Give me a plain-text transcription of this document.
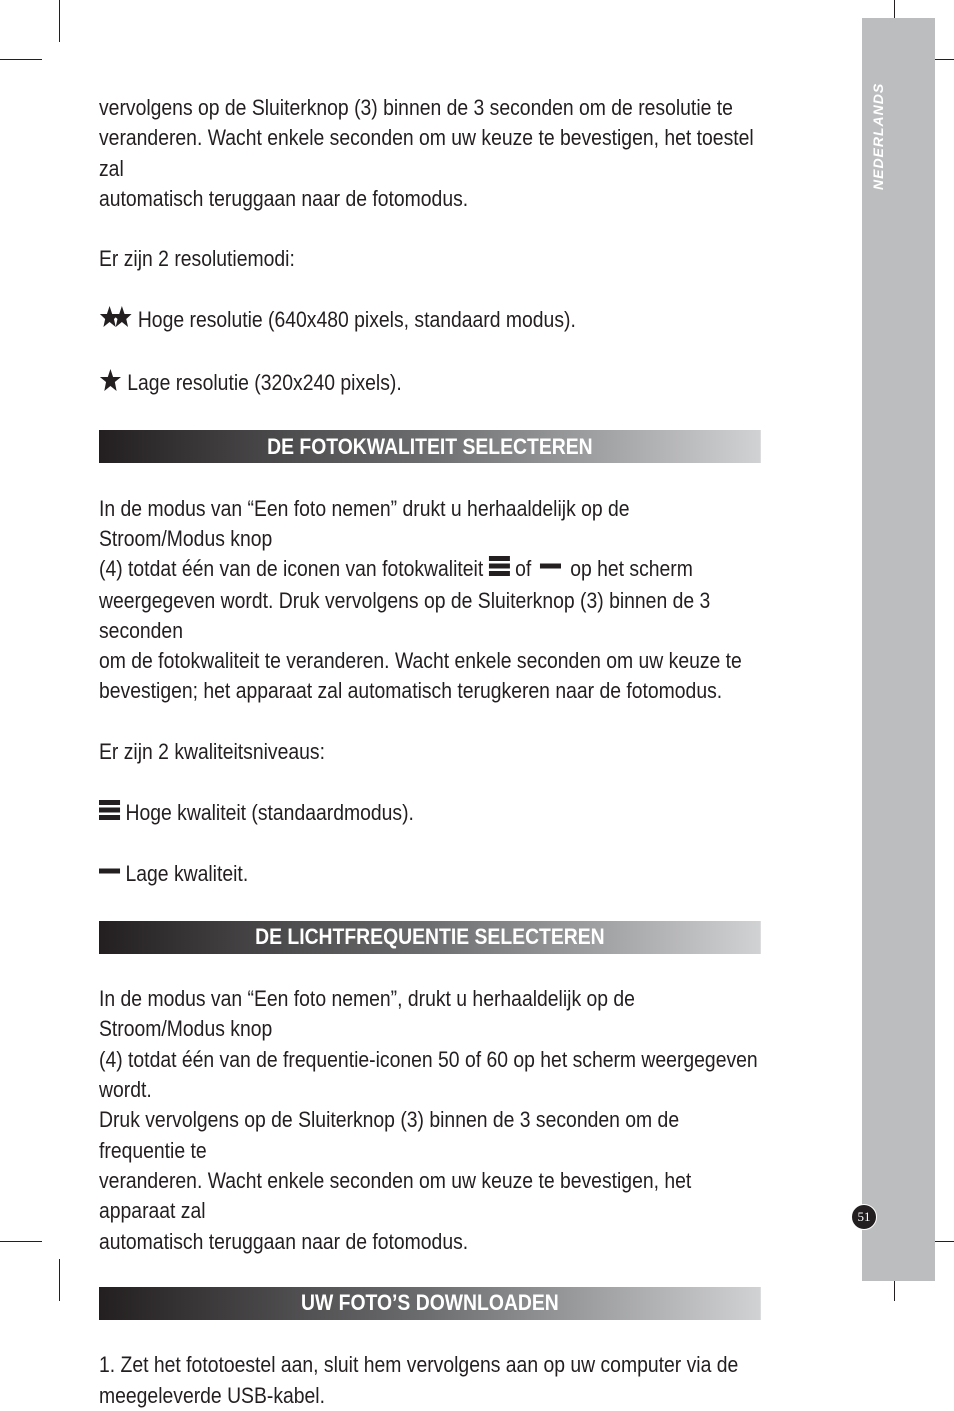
NEDERLANDS

vervolgens op de Sluiterknop (3) binnen de 3 seconden om de resolutie te

veranderen. Wacht enkele seconden om uw keuze te bevestigen, het toestel zal

automatisch teruggaan naar de fotomodus.

Er zijn 2 resolutiemodi:

Hoge resolutie (640x480 pixels, standaard modus).

Lage resolutie (320x240 pixels).

DE FOTOKWALITEIT SELECTEREN

In de modus van “Een foto nemen” drukt u herhaaldelijk op de Stroom/Modus knop

(4) totdat één van de iconen van fotokwaliteit of op het scherm

weergegeven wordt. Druk vervolgens op de Sluiterknop (3) binnen de 3 seconden

om de fotokwaliteit te veranderen. Wacht enkele seconden om uw keuze te

bevestigen; het apparaat zal automatisch terugkeren naar de fotomodus.

Er zijn 2 kwaliteitsniveaus:

Hoge kwaliteit (standaardmodus).

Lage kwaliteit.

DE LICHTFREQUENTIE SELECTEREN

In de modus van “Een foto nemen”, drukt u herhaaldelijk op de Stroom/Modus knop

(4) totdat één van de frequentie-iconen 50 of 60 op het scherm weergegeven wordt.

Druk vervolgens op de Sluiterknop (3) binnen de 3 seconden om de frequentie te

veranderen. Wacht enkele seconden om uw keuze te bevestigen, het apparaat zal

automatisch teruggaan naar de fotomodus.

UW FOTO’S DOWNLOADEN

1. Zet het fototoestel aan, sluit hem vervolgens aan op uw computer via de

meegeleverde USB-kabel.

51
